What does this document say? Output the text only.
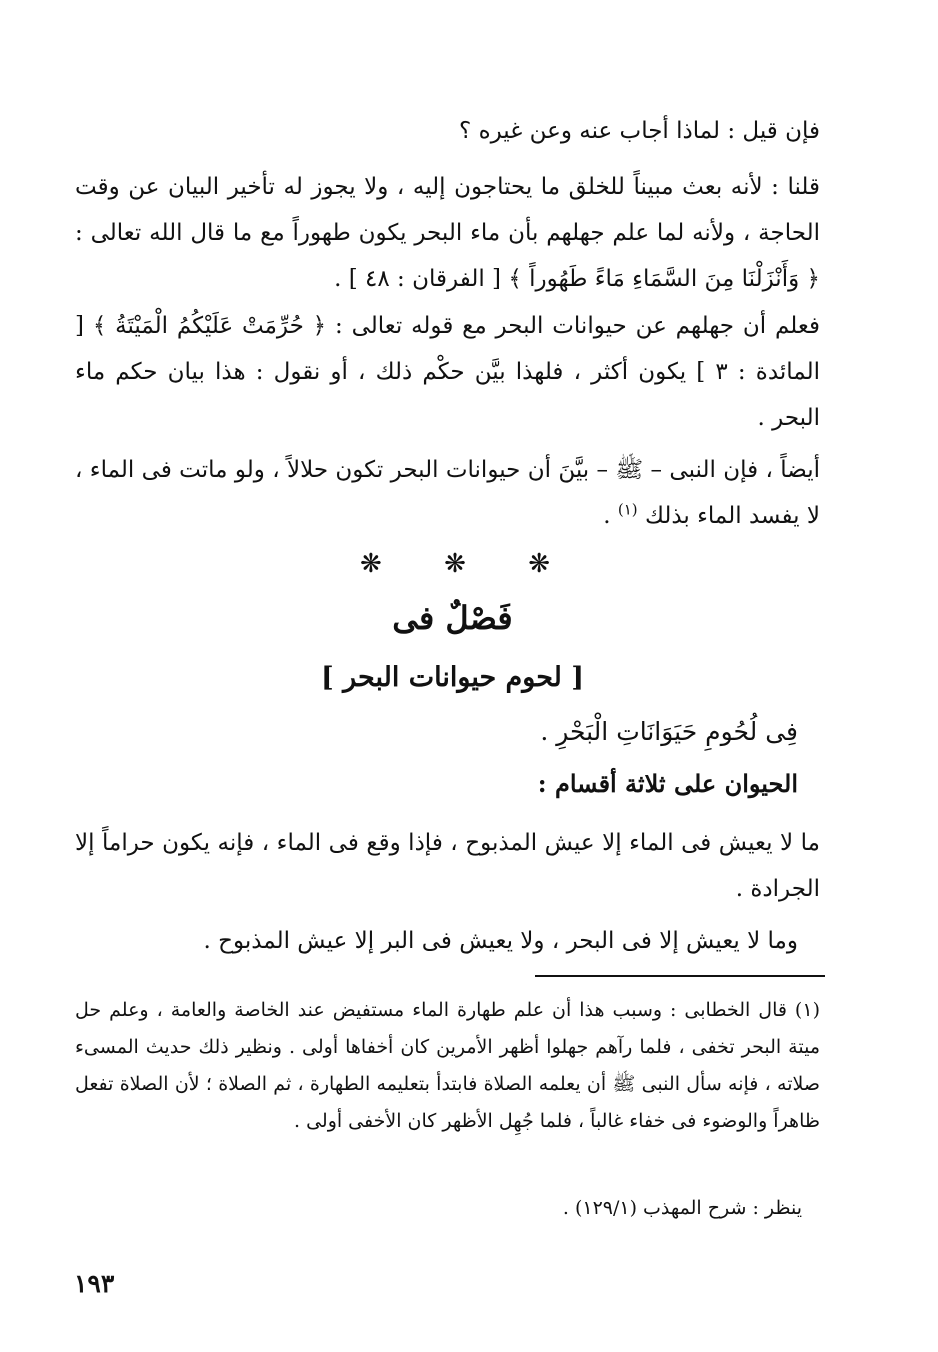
فإن قيل : لماذا أجاب عنه وعن غيره ؟

قلنا : لأنه بعث مبيناً للخلق ما يحتاجون إليه ، ولا يجوز له تأخير البيان عن وقت الحاجة ، ولأنه لما علم جهلهم بأن ماء البحر يكون طهوراً مع ما قال الله تعالى : ﴿ وَأَنْزَلْنَا مِنَ السَّمَاءِ مَاءً طَهُوراً ﴾ [ الفرقان : ٤٨ ] .

فعلم أن جهلهم عن حيوانات البحر مع قوله تعالى : ﴿ حُرِّمَتْ عَلَيْكُمُ الْمَيْتَةُ ﴾ [ المائدة : ٣ ] يكون أكثر ، فلهذا بيَّن حكْم ذلك ، أو نقول : هذا بيان حكم ماء البحر .

أيضاً ، فإن النبى – ﷺ – بيَّنَ أن حيوانات البحر تكون حلالاً ، ولو ماتت فى الماء ، لا يفسد الماء بذلك $^{(١)}$ .

❋
❋
❋
فَصْلٌ فى
[ لحوم حيوانات البحر ]
فِى لُحُومِ حَيَوَانَاتِ الْبَحْرِ .
الحيوان على ثلاثة أقسام :

ما لا يعيش فى الماء إلا عيش المذبوح ، فإذا وقع فى الماء ، فإنه يكون حراماً إلا الجرادة .

وما لا يعيش إلا فى البحر ، ولا يعيش فى البر إلا عيش المذبوح .

(١) قال الخطابى : وسبب هذا أن علم طهارة الماء مستفيض عند الخاصة والعامة ، وعلم حل ميتة البحر تخفى ، فلما رآهم جهلوا أظهر الأمرين كان أخفاها أولى . ونظير ذلك حديث المسىء صلاته ، فإنه سأل النبى ﷺ أن يعلمه الصلاة فابتدأ بتعليمه الطهارة ، ثم الصلاة ؛ لأن الصلاة تفعل ظاهراً والوضوء فى خفاء غالباً ، فلما جُهِل الأظهر كان الأخفى أولى .

ينظر : شرح المهذب (١٢٩/١) .
١٩٣
